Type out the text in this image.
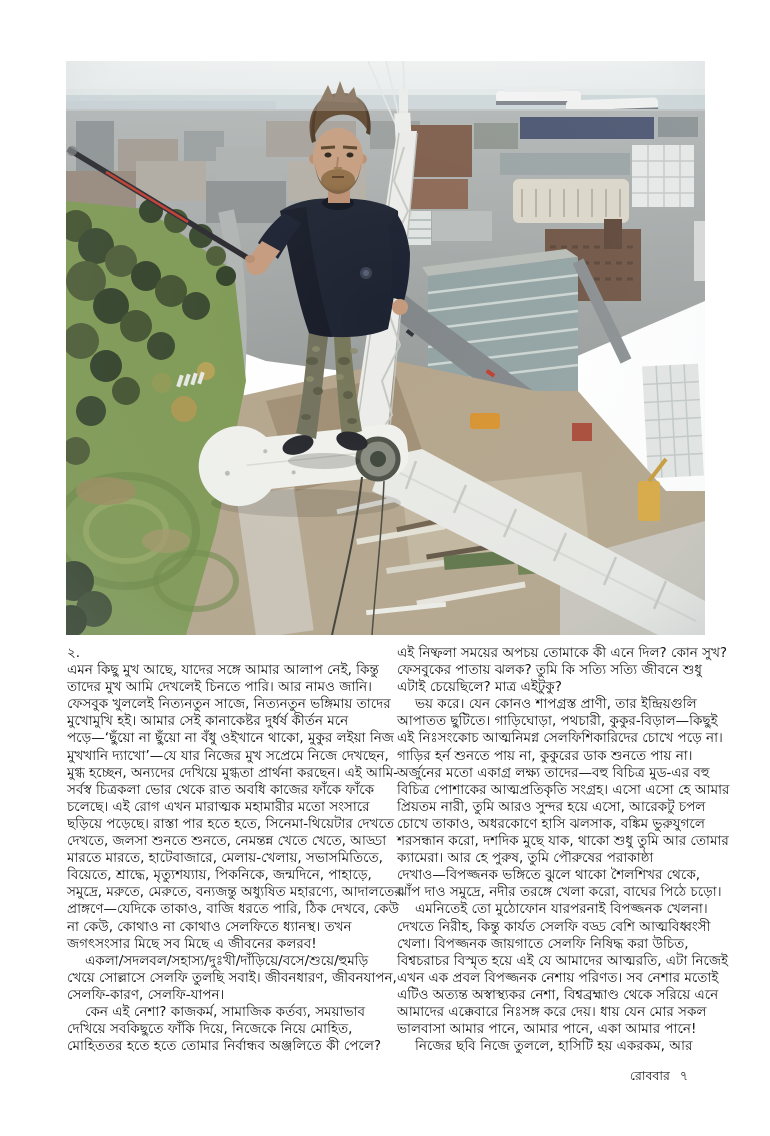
২.
এমন কিছু মুখ আছে, যাদের সঙ্গে আমার আলাপ নেই, কিন্তু
তাদের মুখ আমি দেখলেই চিনতে পারি। আর নামও জানি।
ফেসবুক খুললেই নিত্যনতুন সাজে, নিত্যনতুন ভঙ্গিমায় তাদের
মুখোমুখি হই। আমার সেই কানাকেষ্টর দুর্ধর্ষ কীর্তন মনে
পড়ে—‘ছুঁয়ো না ছুঁয়ো না বঁধু ওইখানে থাকো, মুকুর লইয়া নিজ
মুখখানি দ্যাখো’—যে যার নিজের মুখ সপ্রেমে নিজে দেখছেন,
মুগ্ধ হচ্ছেন, অন্যদের দেখিয়ে মুগ্ধতা প্রার্থনা করছেন। এই আমি-
সর্বস্ব চিত্রকলা ভোর থেকে রাত অবধি কাজের ফাঁকে ফাঁকে
চলেছে। এই রোগ এখন মারাত্মক মহামারীর মতো সংসারে
ছড়িয়ে পড়েছে। রাস্তা পার হতে হতে, সিনেমা-থিয়েটার দেখতে
দেখতে, জলসা শুনতে শুনতে, নেমন্তন্ন খেতে খেতে, আড্ডা
মারতে মারতে, হাটেবাজারে, মেলায়-খেলায়, সভাসমিতিতে,
বিয়েতে, শ্রাদ্ধে, মৃত্যুশয্যায়, পিকনিকে, জন্মদিনে, পাহাড়ে,
সমুদ্রে, মরুতে, মেরুতে, বন্যজন্তু অধ্যুষিত মহারণ্যে, আদালতের
প্রাঙ্গণে—যেদিকে তাকাও, বাজি ধরতে পারি, ঠিক দেখবে, কেউ
না কেউ, কোথাও না কোথাও সেলফিতে ধ্যানস্থ। তখন
জগৎসংসার মিছে সব মিছে এ জীবনের কলরব!
একলা/সদলবল/সহাস্য/দুঃখী/দাঁড়িয়ে/বসে/শুয়ে/হুমড়ি
খেয়ে সোল্লাসে সেলফি তুলছি সবাই। জীবনধারণ, জীবনযাপন,
সেলফি-কারণ, সেলফি-যাপন।
কেন এই নেশা? কাজকর্ম, সামাজিক কর্তব্য, সময়াভাব
দেখিয়ে সবকিছুতে ফাঁকি দিয়ে, নিজেকে নিয়ে মোহিত,
মোহিততর হতে হতে তোমার নির্বান্ধব অঞ্জলিতে কী পেলে?
এই নিষ্ফলা সময়ের অপচয় তোমাকে কী এনে দিল? কোন সুখ?
ফেসবুকের পাতায় ঝলক? তুমি কি সত্যি সত্যি জীবনে শুধু
এটাই চেয়েছিলে? মাত্র এইটুকু?
ভয় করে। যেন কোনও শাপগ্রস্ত প্রাণী, তার ইন্দ্রিয়গুলি
আপাতত ছুটিতে। গাড়িঘোড়া, পথচারী, কুকুর-বিড়াল—কিছুই
এই নিঃসংকোচ আত্মনিমগ্ন সেলফিশিকারিদের চোখে পড়ে না।
গাড়ির হর্ন শুনতে পায় না, কুকুরের ডাক শুনতে পায় না।
অর্জুনের মতো একাগ্র লক্ষ্য তাদের—বহু বিচিত্র মুড-এর বহু
বিচিত্র পোশাকের আত্মপ্রতিকৃতি সংগ্রহ। এসো এসো হে আমার
প্রিয়তম নারী, তুমি আরও সুন্দর হয়ে এসো, আরেকটু চপল
চোখে তাকাও, অধরকোণে হাসি ঝলসাক, বঙ্কিম ভুরুযুগলে
শরসন্ধান করো, দশদিক মুছে যাক, থাকো শুধু তুমি আর তোমার
ক্যামেরা। আর হে পুরুষ, তুমি পৌরুষের পরাকাষ্ঠা
দেখাও—বিপজ্জনক ভঙ্গিতে ঝুলে থাকো শৈলশিখর থেকে,
ঝাঁপ দাও সমুদ্রে, নদীর তরঙ্গে খেলা করো, বাঘের পিঠে চড়ো।
এমনিতেই তো মুঠোফোন যারপরনাই বিপজ্জনক খেলনা।
দেখতে নিরীহ, কিন্তু কার্যত সেলফি বড্ড বেশি আত্মবিধ্বংসী
খেলা। বিপজ্জনক জায়গাতে সেলফি নিষিদ্ধ করা উচিত,
বিশ্বচরাচর বিস্মৃত হয়ে এই যে আমাদের আত্মরতি, এটা নিজেই
এখন এক প্রবল বিপজ্জনক নেশায় পরিণত। সব নেশার মতোই
এটিও অত্যন্ত অস্বাস্থ্যকর নেশা, বিশ্বব্রহ্মাণ্ড থেকে সরিয়ে এনে
আমাদের এক্কেবারে নিঃসঙ্গ করে দেয়। ধায় যেন মোর সকল
ভালবাসা আমার পানে, আমার পানে, একা আমার পানে!
নিজের ছবি নিজে তুললে, হাসিটি হয় একরকম, আর
রোববার ৭
